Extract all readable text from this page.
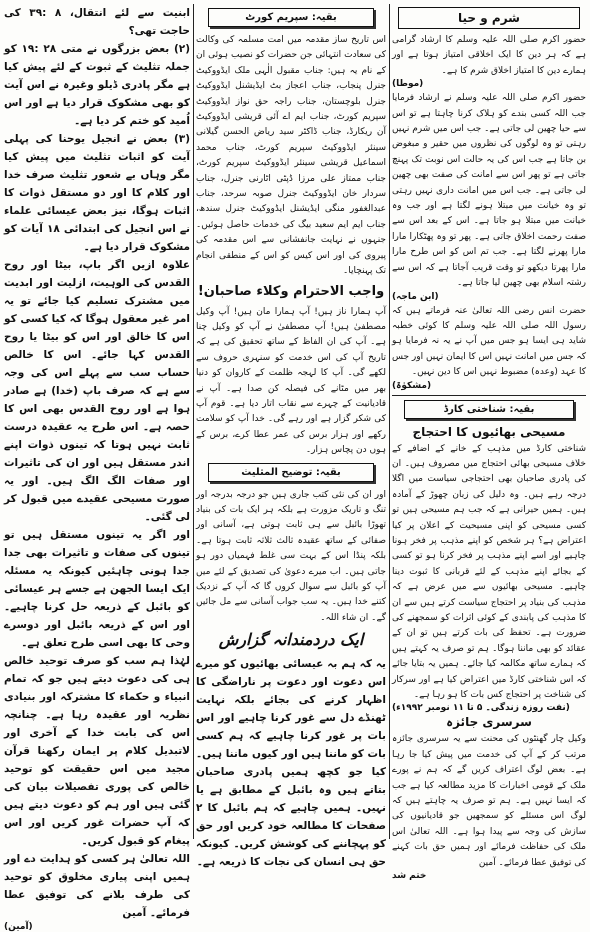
شرم و حیا

حضور اکرم صلی اللہ علیہ وسلم کا ارشاد گرامی ہے کہ ہر دین کا ایک اخلاقی امتیاز ہوتا ہے اور ہمارے دین کا امتیاز اخلاق شرم کا ہے۔

(موطا)

حضور اکرم صلی اللہ علیہ وسلم نے ارشاد فرمایا جب اللہ کسی بندے کو ہلاک کرنا چاہتا ہے تو اس سے حیا چھین لی جاتی ہے۔ جب اس میں شرم نہیں رہتی تو وہ لوگوں کی نظروں میں حقیر و مبغوض بن جاتا ہے جب اس کی یہ حالت اس نوبت تک پہنچ جاتی ہے تو پھر اس سے امانت کی صفت بھی چھین لی جاتی ہے۔ جب اس میں امانت داری نہیں رہتی تو وہ خیانت میں مبتلا ہونے لگتا ہے اور جب وہ خیانت میں مبتلا ہو جاتا ہے۔ اس کے بعد اس سے صفت رحمت اخلاق جاتی ہے۔ پھر تو وہ پھٹکارا مارا مارا پھرنے لگتا ہے۔ جب تم اس کو اس طرح مارا مارا پھرتا دیکھو تو وقت قریب آجاتا ہے کہ اس سے رشتہ اسلام بھی چھین لیا جاتا ہے۔

(ابن ماجہ)

حضرت انس رضی اللہ تعالیٰ عنہ فرماتے ہیں کہ رسول اللہ صلی اللہ علیہ وسلم کا کوئی خطبہ شاید ہی ایسا ہو جس میں آپ نے یہ نہ فرمایا ہو کہ جس میں امانت نہیں اس کا ایمان نہیں اور جس کا عہد (وعدہ) مضبوط نہیں اس کا دین نہیں۔

(مشکوٰۃ)
بقیہ: شناختی کارڈ
مسیحی بھائیوں کا احتجاج

شناختی کارڈ میں مذہب کے خانے کے اضافے کے خلاف مسیحی بھائی احتجاج میں مصروف ہیں۔ ان کی پادری صاحبان بھی احتجاجی سیاست میں اگلا درجہ رہے ہیں۔ وہ دلیل کی زبان چھوڑ کے آمادہ ہیں۔ ہمیں حیرانی ہے کہ جب ہم مسیحی ہیں تو کسی مسیحی کو اپنی مسیحیت کے اعلان پر کیا اعتراض ہے؟ ہر شخص کو اپنے مذہب پر فخر ہونا چاہیے اور اسے اپنے مذہب پر فخر کرنا ہو تو کسی کے بجائے اپنے مذہب کے لئے قربانی کا ثبوت دینا چاہیے۔ مسیحی بھائیوں سے میں عرض ہے کہ مذہب کی بنیاد پر احتجاج سیاست کرتے ہیں سے ان کا مذہب کی پابندی کے کوئی اثرات کو سمجھنے کی ضرورت ہے۔ تحفظ کی بات کرتے ہیں تو ان کے عقائد کو بھی ماننا ہوگا۔ ہم تو صرف یہ کہتے ہیں کہ ہمارے ساتھ مکالمہ کیا جائے۔ ہمیں یہ بتایا جائے کہ اس شناختی کارڈ میں اعتراض کیا ہے اور سرکار کی شناخت پر احتجاج کس بات کا ہو رہا ہے۔

(نفت روزہ زندگی۔ ۵ تا ۱۱ نومبر ۱۹۹۲ء)
سرسری جائزہ

وکیل چار گھنٹوں کی محنت سے یہ سرسری جائزہ مرتب کر کے آپ کی خدمت میں پیش کیا جا رہا ہے۔ بعض لوگ اعتراف کریں گے کہ ہم نے پورے ملک کے قومی اخبارات کا مزید مطالعہ کیا ہے جب کہ ایسا نہیں ہے۔ ہم تو صرف یہ چاہتے ہیں کہ لوگ اس مسئلے کو سمجھیں جو قادیانیوں کی سازش کی وجہ سے پیدا ہوا ہے۔ اللہ تعالیٰ اس ملک کی حفاظت فرمائے اور ہمیں حق بات کہنے کی توفیق عطا فرمائے۔ آمین

ختم شد
بقیہ: سپریم کورٹ

اس تاریخ ساز مقدمہ میں امت مسلمہ کی وکالت کی سعادت انتہائی جن حضرات کو نصیب ہوئی ان کے نام یہ ہیں: جناب مقبول الٰہی ملک ایڈووکیٹ جنرل پنجاب، جناب اعجاز بٹ ایڈیشنل ایڈووکیٹ جنرل بلوچستان، جناب راجہ حق نواز ایڈووکیٹ سپریم کورٹ، جناب ایم اے آئی قریشی ایڈووکیٹ آن ریکارڈ، جناب ڈاکٹر سید ریاض الحسن گیلانی سینئر ایڈووکیٹ سپریم کورٹ، جناب محمد اسماعیل قریشی سینئر ایڈووکیٹ سپریم کورٹ، جناب ممتاز علی مرزا ڈپٹی اٹارنی جنرل، جناب سردار خان ایڈووکیٹ جنرل صوبہ سرحد، جناب عبدالغفور منگی ایڈیشنل ایڈووکیٹ جنرل سندھ، جناب ایم ایم سعید بیگ کی خدمات حاصل ہوئیں۔ جنہوں نے نہایت جانفشانی سے اس مقدمہ کی پیروی کی اور اس کیس کو اس کے منطقی انجام تک پہنچایا۔

واجب الاحترام وکلاء صاحبان!

آپ ہمارا ناز ہیں! آپ ہمارا مان ہیں! آپ وکیل مصطفیٰ ہیں! آپ مصطفیٰ نے آپ کو وکیل چنا ہے۔ آپ کی ان الفاظ کے ساتھ تحقیق کی ہے کہ تاریخ آپ کی اس خدمت کو سنہری حروف سے لکھے گی۔ آپ کا لہجہ ظلمت کے کاروان کو دنیا بھر میں مٹانے کی فیصلہ کن صدا ہے۔ آپ نے قادیانیت کے چہرے سے نقاب اتار دیا ہے۔ قوم آپ کی شکر گزار ہے اور رہے گی۔ خدا آپ کو سلامت رکھے اور ہزار برس کی عمر عطا کرے، برس کے ہوں دن پچاس ہزار۔

بقیہ: توضیح المثلیث

اور ان کی نئی کتب جاری ہیں جو درجہ بدرجہ اور تنگ و تاریک مزورت ہے بلکہ ہر ایک بات کی بنیاد تھوڑا بائبل سے ہی ثابت ہوتی ہے، آسانی اور صفائی کے ساتھ عقیدہ ثالث ثلاثہ ثابت ہوتا ہے۔ بلکہ پنڈا اس کے بہت سی غلط فہمیاں دور ہو جاتی ہیں۔ اب میرے دعویٰ کی تصدیق کے لئے میں آپ کو بائبل سے سوال کروں گا کہ آپ کے نزدیک کتنے خدا ہیں۔ یہ سب جواب آسانی سے مل جائیں گے۔ ان شاء اللہ۔

ایک دردمندانہ گزارش

یہ کہ ہم بہ عیسائی بھائیوں کو میرے اس دعوت اور دعوت پر ناراضگی کا اظہار کرنے کی بجائے بلکہ نہایت ٹھنڈے دل سے غور کرنا چاہیے اور اس بات پر غور کرنا چاہیے کہ ہم کسی بات کو ماننا ہیں اور کیوں ماننا ہیں۔ کیا جو کچھ ہمیں پادری صاحبان بتاتے ہیں وہ بائبل کے مطابق ہے یا نہیں۔ ہمیں چاہیے کہ ہم بائبل کا ۲ صفحات کا مطالعہ خود کریں اور حق کو پہچاننے کی کوشش کریں۔ کیونکہ حق ہی انسان کی نجات کا ذریعہ ہے۔

ابنیت سے لئے انتقال، ۸ :۳۹ کی حاجت تھی؟

(۲) بعض بزرگوں نے متی ۲۸ :۱۹ کو جملہ تثلیث کے ثبوت کے لئے پیش کیا ہے مگر پادری ڈیلو وغیرہ نے اس آیت کو بھی مشکوک قرار دیا ہے اور اس اُمید کو ختم کر دیا ہے۔

(۳) بعض نے انجیل یوحنا کی پہلی آیت کو اثبات تثلیث میں پیش کیا مگر وہاں بے شعور تثلیث صرف خدا اور کلام کا اور دو مستقل ذوات کا اثبات ہوگا، نیز بعض عیسائی علماء نے اس انجیل کی ابتدائی ۱۸ آیات کو مشکوک قرار دیا ہے۔

علاوہ ازیں اگر باپ، بیٹا اور روح القدس کی الوہیت، ازلیت اور ابدیت میں مشترک تسلیم کیا جائے تو یہ امر غیر معقول ہوگا کہ کیا کسی کو اس کا خالق اور اس کو بیٹا یا روح القدس کہا جائے۔ اس کا خالص حساب سب سے پہلے اس کی وجہ سے ہے کہ صرف باپ (خدا) ہے صادر ہوا ہے اور روح القدس بھی اس کا حصہ ہے۔ اس طرح یہ عقیدہ درست ثابت نہیں ہوتا کہ تینوں ذوات اپنے اندر مستقل ہیں اور ان کی تاثیرات اور صفات الگ الگ ہیں۔ اور یہ صورت مسیحی عقیدے میں قبول کر لی گئی۔

اور اگر یہ تینوں مستقل ہیں تو تینوں کی صفات و تاثیرات بھی جدا جدا ہونی چاہئیں کیونکہ یہ مسئلہ ایک ایسا الجھن ہے جسے ہر عیسائی کو بائبل کے ذریعہ حل کرنا چاہیے۔ اور اس کے ذریعہ بائبل اور دوسرے وحی کا بھی اسی طرح تعلق ہے۔

لہٰذا ہم سب کو صرف توحید خالص ہی کی دعوت دیتے ہیں جو کہ تمام انبیاء و حکماء کا مشترکہ اور بنیادی نظریہ اور عقیدہ رہا ہے۔ چنانچہ اس کی بابت خدا کے آخری اور لاتبدیل کلام پر ایمان رکھنا قرآن مجید میں اس حقیقت کو توحید خالص کی پوری تفصیلات بیان کی گئی ہیں اور ہم کو دعوت دیتے ہیں کہ آپ حضرات غور کریں اور اس پیغام کو قبول کریں۔

اللہ تعالیٰ ہر کسی کو ہدایت دے اور ہمیں اپنی پیاری مخلوق کو توحید کی طرف بلانے کی توفیق عطا فرمائے۔ آمین

(آمین)
